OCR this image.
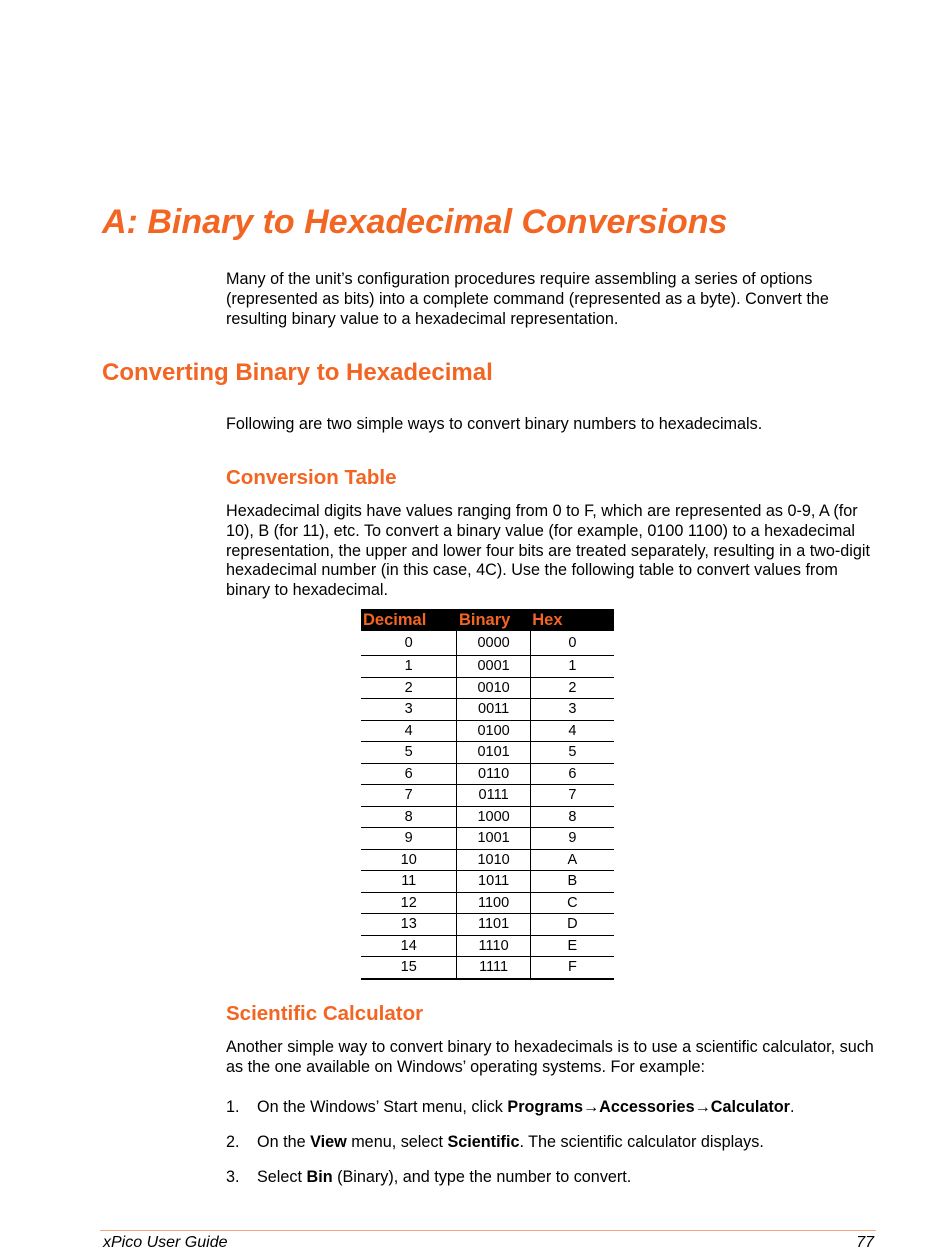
A: Binary to Hexadecimal Conversions

Many of the unit’s configuration procedures require assembling a series of options (represented as bits) into a complete command (represented as a byte). Convert the resulting binary value to a hexadecimal representation.

Converting Binary to Hexadecimal

Following are two simple ways to convert binary numbers to hexadecimals.

Conversion Table

Hexadecimal digits have values ranging from 0 to F, which are represented as 0-9, A (for 10), B (for 11), etc. To convert a binary value (for example, 0100 1100) to a hexadecimal representation, the upper and lower four bits are treated separately, resulting in a two-digit hexadecimal number (in this case, 4C). Use the following table to convert values from binary to hexadecimal.

Decimal	Binary	Hex
0	0000	0
1	0001	1
2	0010	2
3	0011	3
4	0100	4
5	0101	5
6	0110	6
7	0111	7
8	1000	8
9	1001	9
10	1010	A
11	1011	B
12	1100	C
13	1101	D
14	1110	E
15	1111	F
Scientific Calculator

Another simple way to convert binary to hexadecimals is to use a scientific calculator, such as the one available on Windows’ operating systems. For example:

1. On the Windows’ Start menu, click Programs→Accessories→Calculator.
2. On the View menu, select Scientific. The scientific calculator displays.
3. Select Bin (Binary), and type the number to convert.
xPico User Guide	77
